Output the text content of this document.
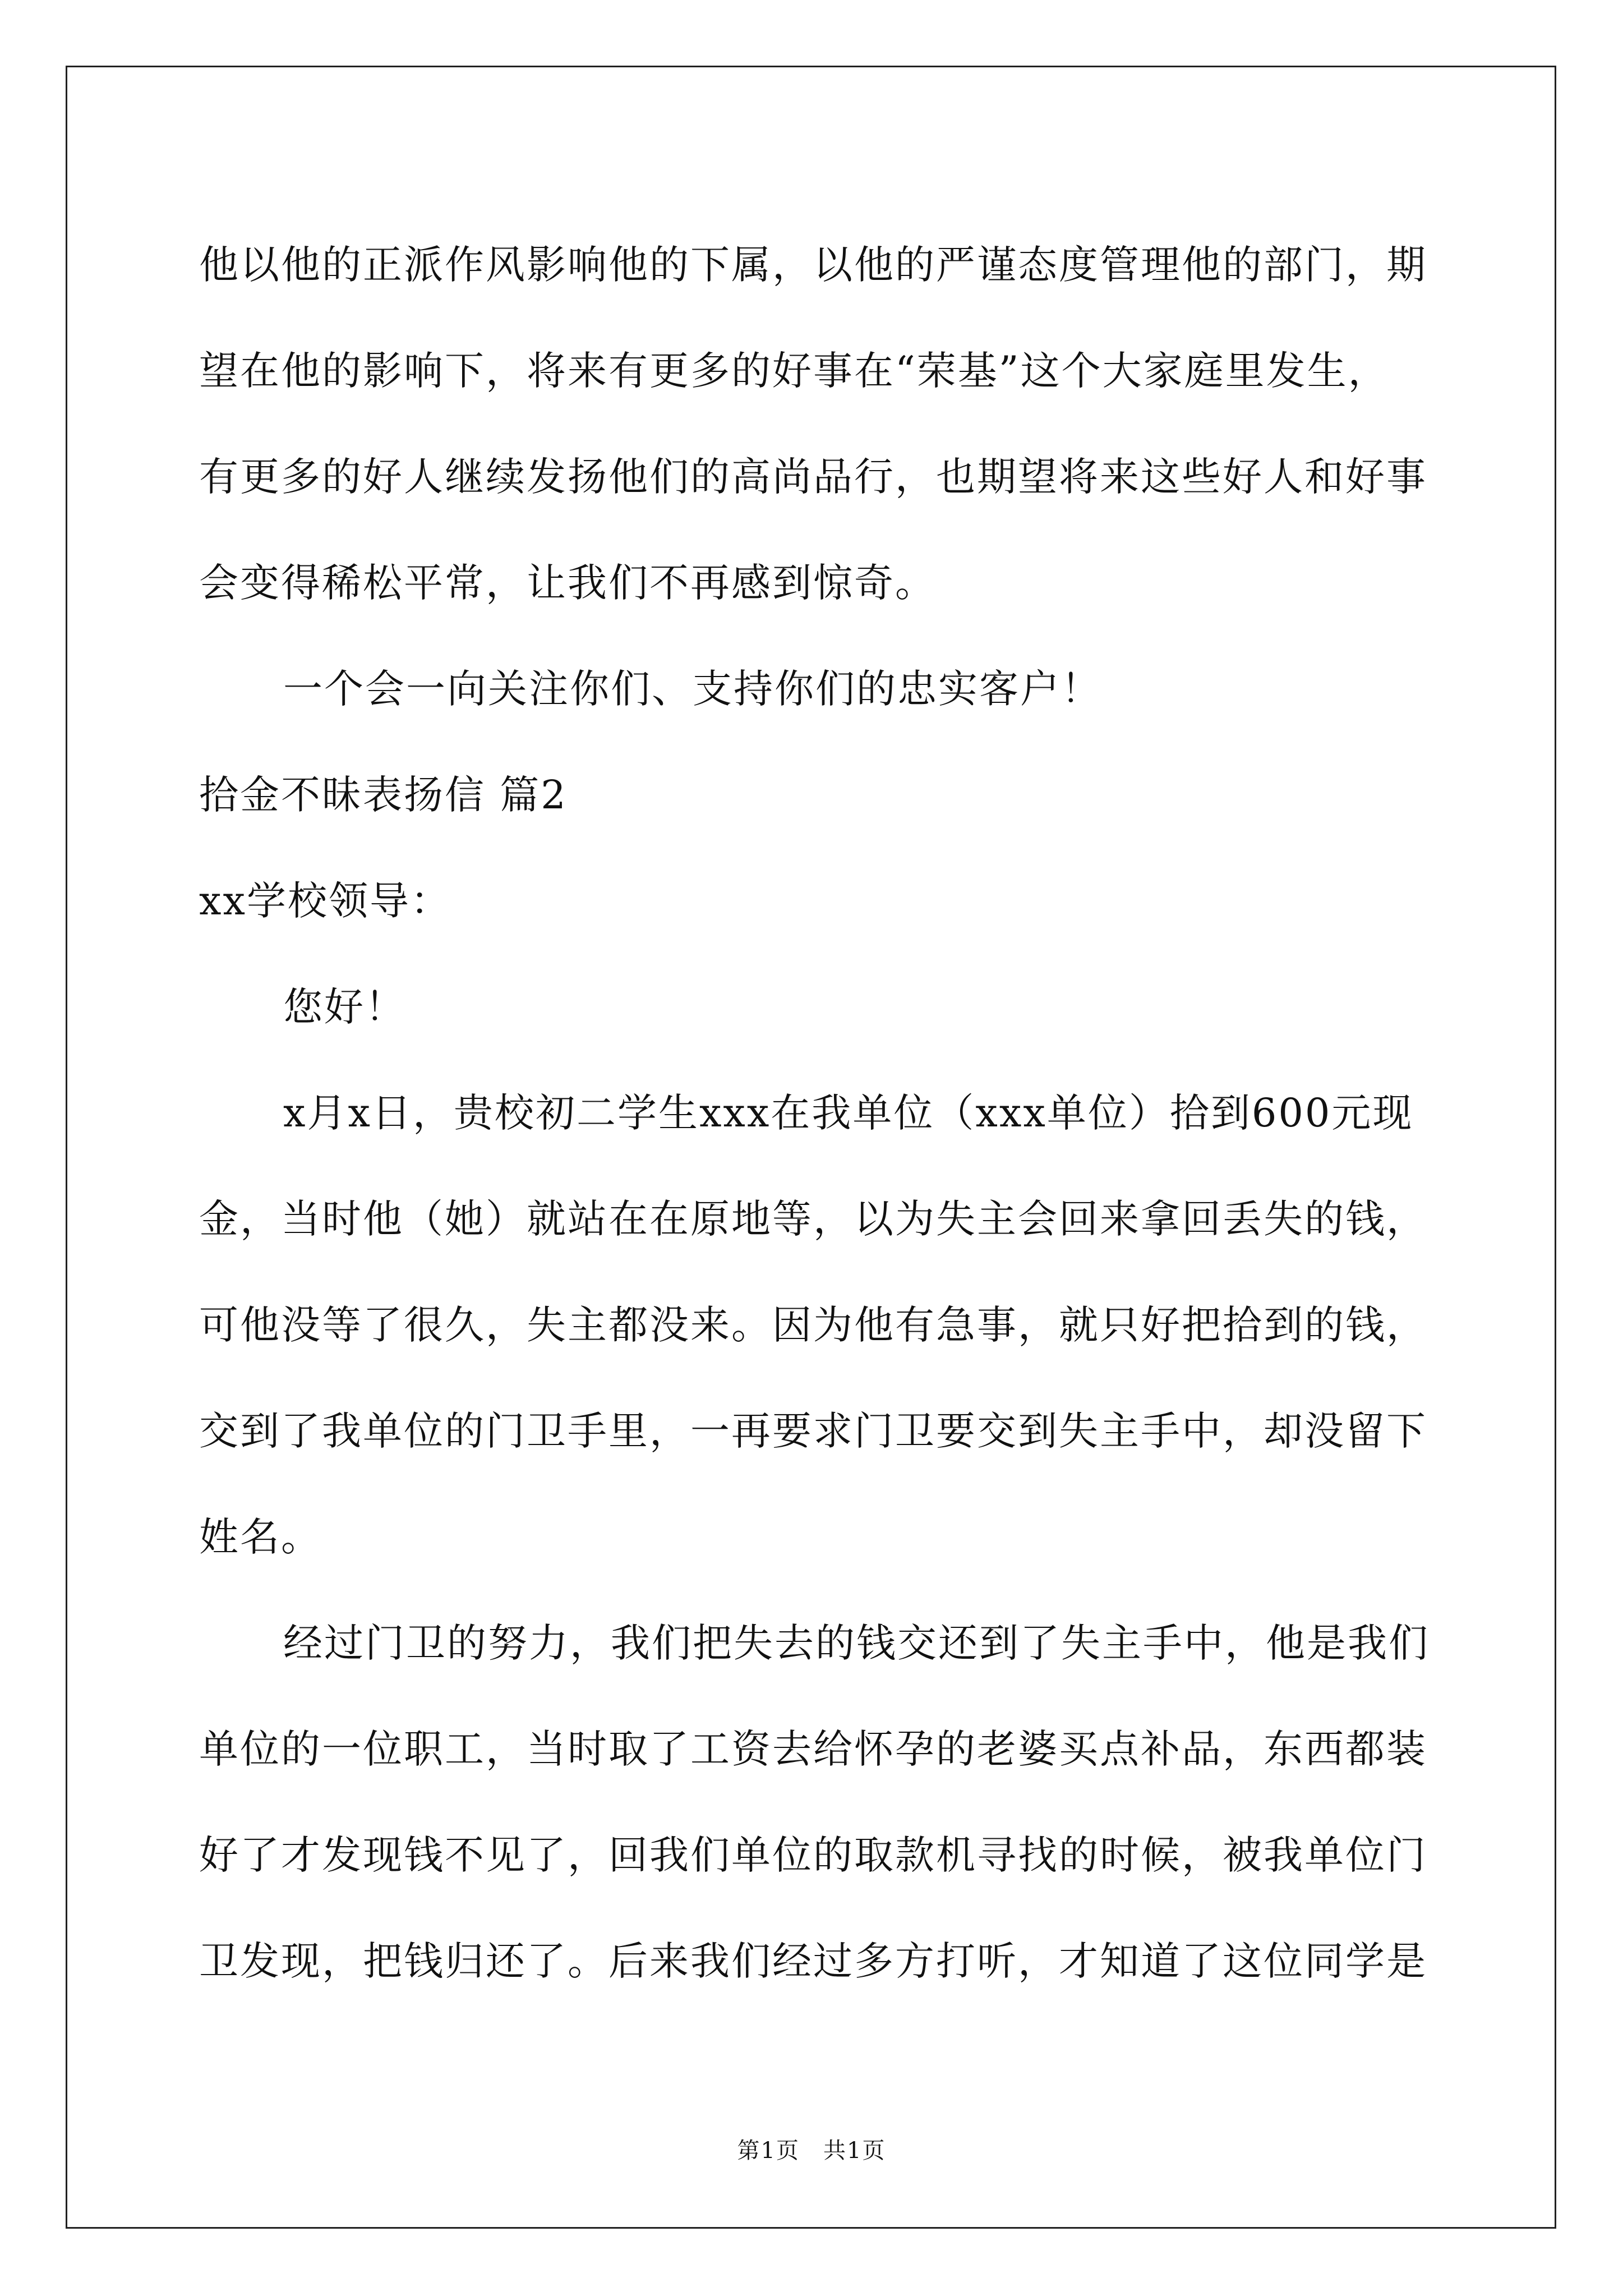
他以他的正派作风影响他的下属，以他的严谨态度管理他的部门，期
望在他的影响下，将来有更多的好事在“荣基”这个大家庭里发生，
有更多的好人继续发扬他们的高尚品行，也期望将来这些好人和好事
会变得稀松平常，让我们不再感到惊奇。
一个会一向关注你们、支持你们的忠实客户！
拾金不昧表扬信 篇2
xx学校领导：
您好！
x月x日，贵校初二学生xxx在我单位（xxx单位）拾到600元现
金，当时他（她）就站在在原地等，以为失主会回来拿回丢失的钱，
可他没等了很久，失主都没来。因为他有急事，就只好把拾到的钱，
交到了我单位的门卫手里，一再要求门卫要交到失主手中，却没留下
姓名。
经过门卫的努力，我们把失去的钱交还到了失主手中，他是我们
单位的一位职工，当时取了工资去给怀孕的老婆买点补品，东西都装
好了才发现钱不见了，回我们单位的取款机寻找的时候，被我单位门
卫发现，把钱归还了。后来我们经过多方打听，才知道了这位同学是
第1页　共1页
